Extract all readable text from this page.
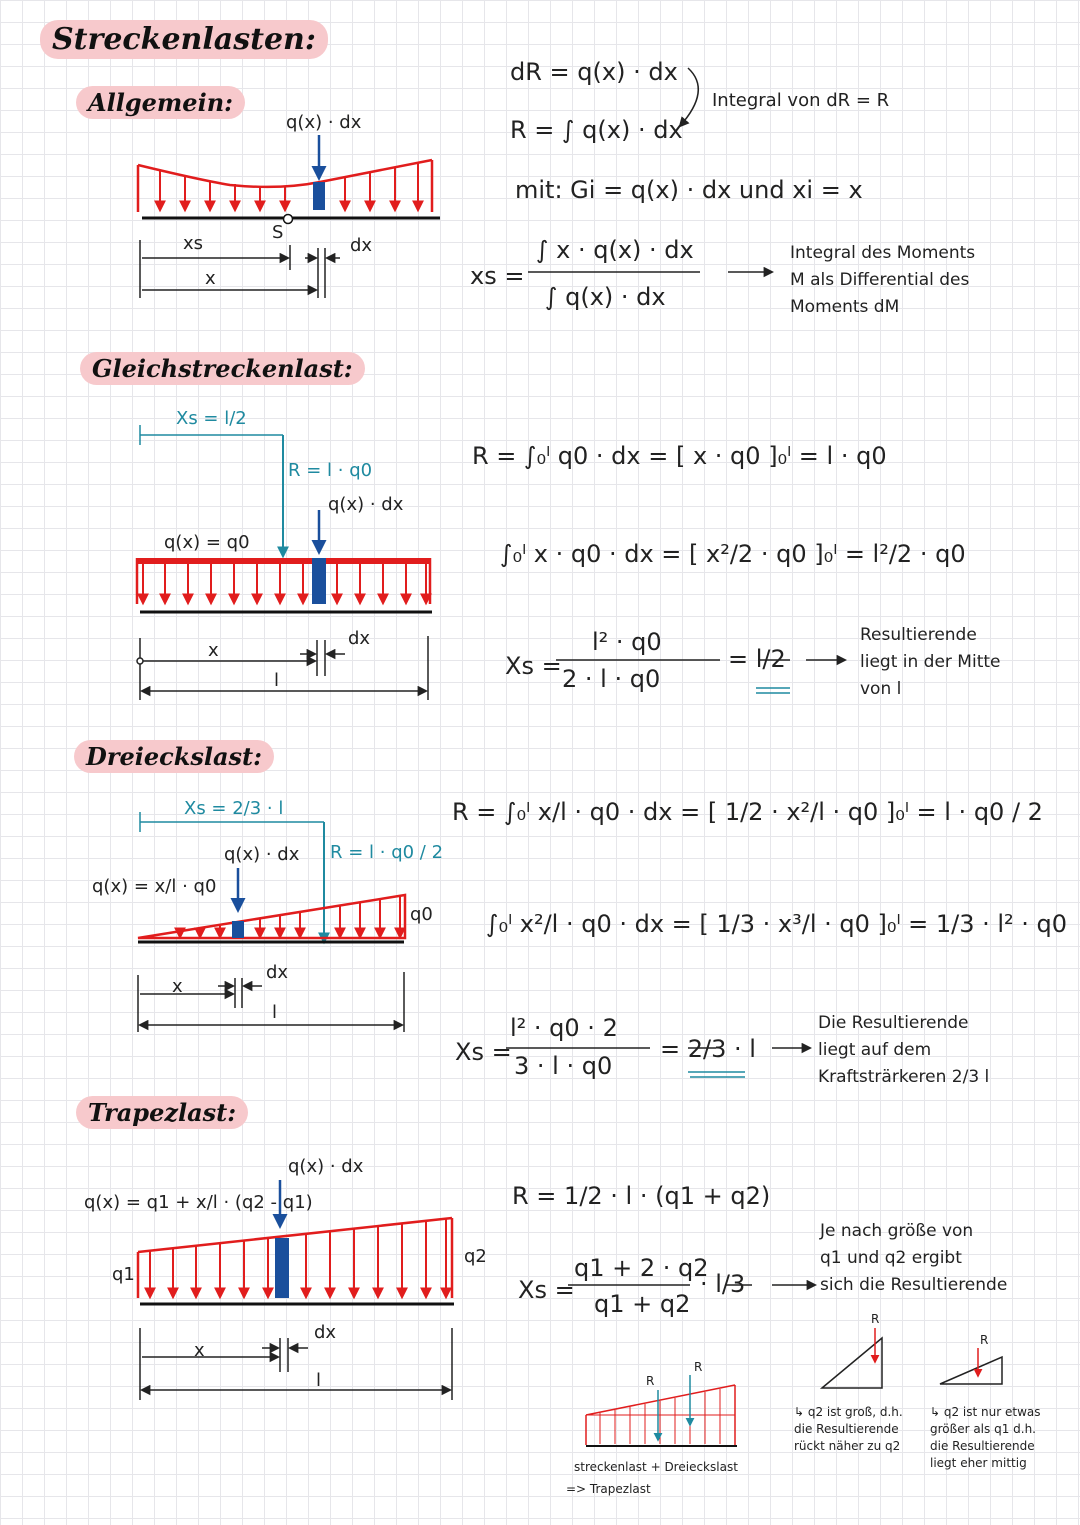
Streckenlasten:
Allgemein:
q(x) · dx
S
xs
x
dx
dR = q(x) · dx
R = ∫ q(x) · dx
Integral von dR = R
mit: Gi = q(x) · dx und xi = x
xs =
∫ x · q(x) · dx
∫ q(x) · dx
Integral des Moments
M als Differential des
Moments dM
Gleichstreckenlast:
Xs = l/2
R = l · q0
q(x) · dx
q(x) = q0
x
dx
l
R = ∫₀ˡ q0 · dx = [ x · q0 ]₀ˡ = l · q0
∫₀ˡ x · q0 · dx = [ x²/2 · q0 ]₀ˡ = l²/2 · q0
Xs =
l² · q0
2 · l · q0
= l/2
Resultierende
liegt in der Mitte
von l
Dreieckslast:
Xs = 2/3 · l
R = l · q0 / 2
q(x) · dx
q(x) = x/l · q0
q0
x
dx
l
R = ∫₀ˡ x/l · q0 · dx = [ 1/2 · x²/l · q0 ]₀ˡ = l · q0 / 2
∫₀ˡ x²/l · q0 · dx = [ 1/3 · x³/l · q0 ]₀ˡ = 1/3 · l² · q0
Xs =
l² · q0 · 2
3 · l · q0
= 2/3 · l
Die Resultierende
liegt auf dem
Kraftsträrkeren 2/3 l
Trapezlast:
q(x) · dx
q(x) = q1 + x/l · (q2 - q1)
q1
q2
x
dx
l
R = 1/2 · l · (q1 + q2)
Xs =
q1 + 2 · q2
q1 + q2
· l/3
Je nach größe von
q1 und q2 ergibt
sich die Resultierende
R
R
streckenlast + Dreieckslast
=> Trapezlast
R
R
↳ q2 ist groß, d.h.
die Resultierende
rückt näher zu q2
↳ q2 ist nur etwas
größer als q1 d.h.
die Resultierende
liegt eher mittig
